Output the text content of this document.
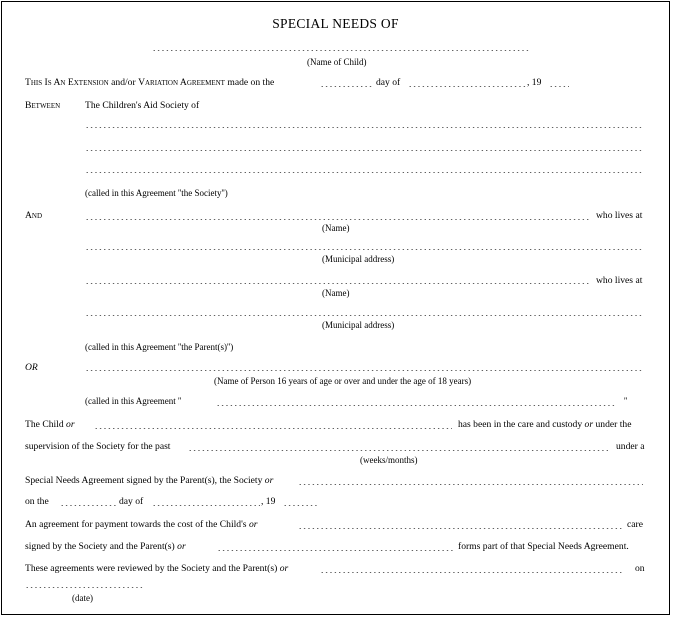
SPECIAL NEEDS OF
(Name of Child)
This Is An Extension and/or Variation Agreement made on the	day of	, 19
Between	The Children's Aid Society of
(called in this Agreement ''the Society'')
And	who lives at
(Name)
(Municipal address)
who lives at
(Name)
(Municipal address)
(called in this Agreement ''the Parent(s)'')
OR
(Name of Person 16 years of age or over and under the age of 18 years)
(called in this Agreement ''	''
The Child or	has been in the care and custody or under the
supervision of the Society for the past	under a
(weeks/months)
Special Needs Agreement signed by the Parent(s), the Society or
on the	day of	, 19
An agreement for payment towards the cost of the Child's or	care
signed by the Society and the Parent(s) or	forms part of that Special Needs Agreement.
These agreements were reviewed by the Society and the Parent(s) or	on
(date)
